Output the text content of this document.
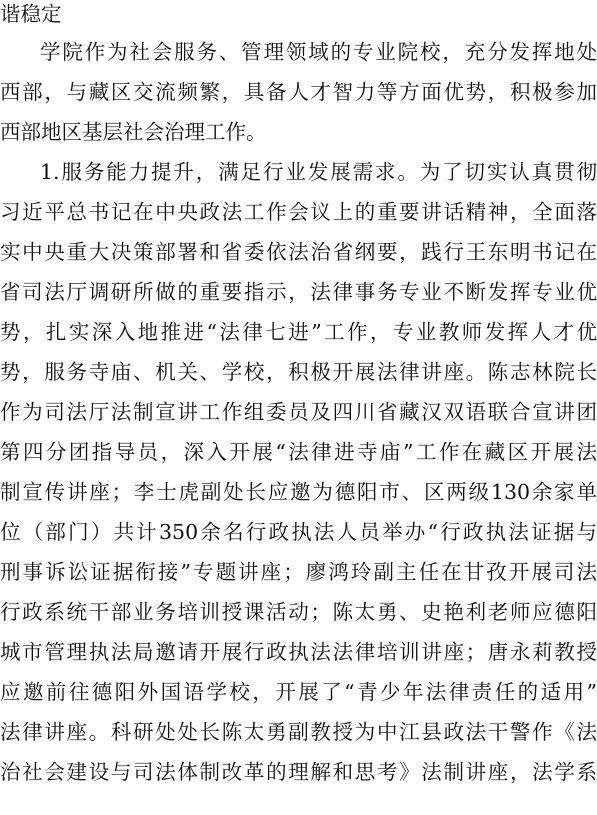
谐稳定
学院作为社会服务、管理领域的专业院校，充分发挥地处
西部，与藏区交流频繁，具备人才智力等方面优势，积极参加
西部地区基层社会治理工作。
1.服务能力提升，满足行业发展需求。为了切实认真贯彻
习近平总书记在中央政法工作会议上的重要讲话精神，全面落
实中央重大决策部署和省委依法治省纲要，践行王东明书记在
省司法厅调研所做的重要指示，法律事务专业不断发挥专业优
势，扎实深入地推进“法律七进”工作，专业教师发挥人才优
势，服务寺庙、机关、学校，积极开展法律讲座。陈志林院长
作为司法厅法制宣讲工作组委员及四川省藏汉双语联合宣讲团
第四分团指导员，深入开展“法律进寺庙”工作在藏区开展法
制宣传讲座；李士虎副处长应邀为德阳市、区两级130余家单
位（部门）共计350余名行政执法人员举办“行政执法证据与
刑事诉讼证据衔接”专题讲座；廖鸿玲副主任在甘孜开展司法
行政系统干部业务培训授课活动；陈太勇、史艳利老师应德阳
城市管理执法局邀请开展行政执法法律培训讲座；唐永莉教授
应邀前往德阳外国语学校，开展了“青少年法律责任的适用”
法律讲座。科研处处长陈太勇副教授为中江县政法干警作《法
治社会建设与司法体制改革的理解和思考》法制讲座，法学系
